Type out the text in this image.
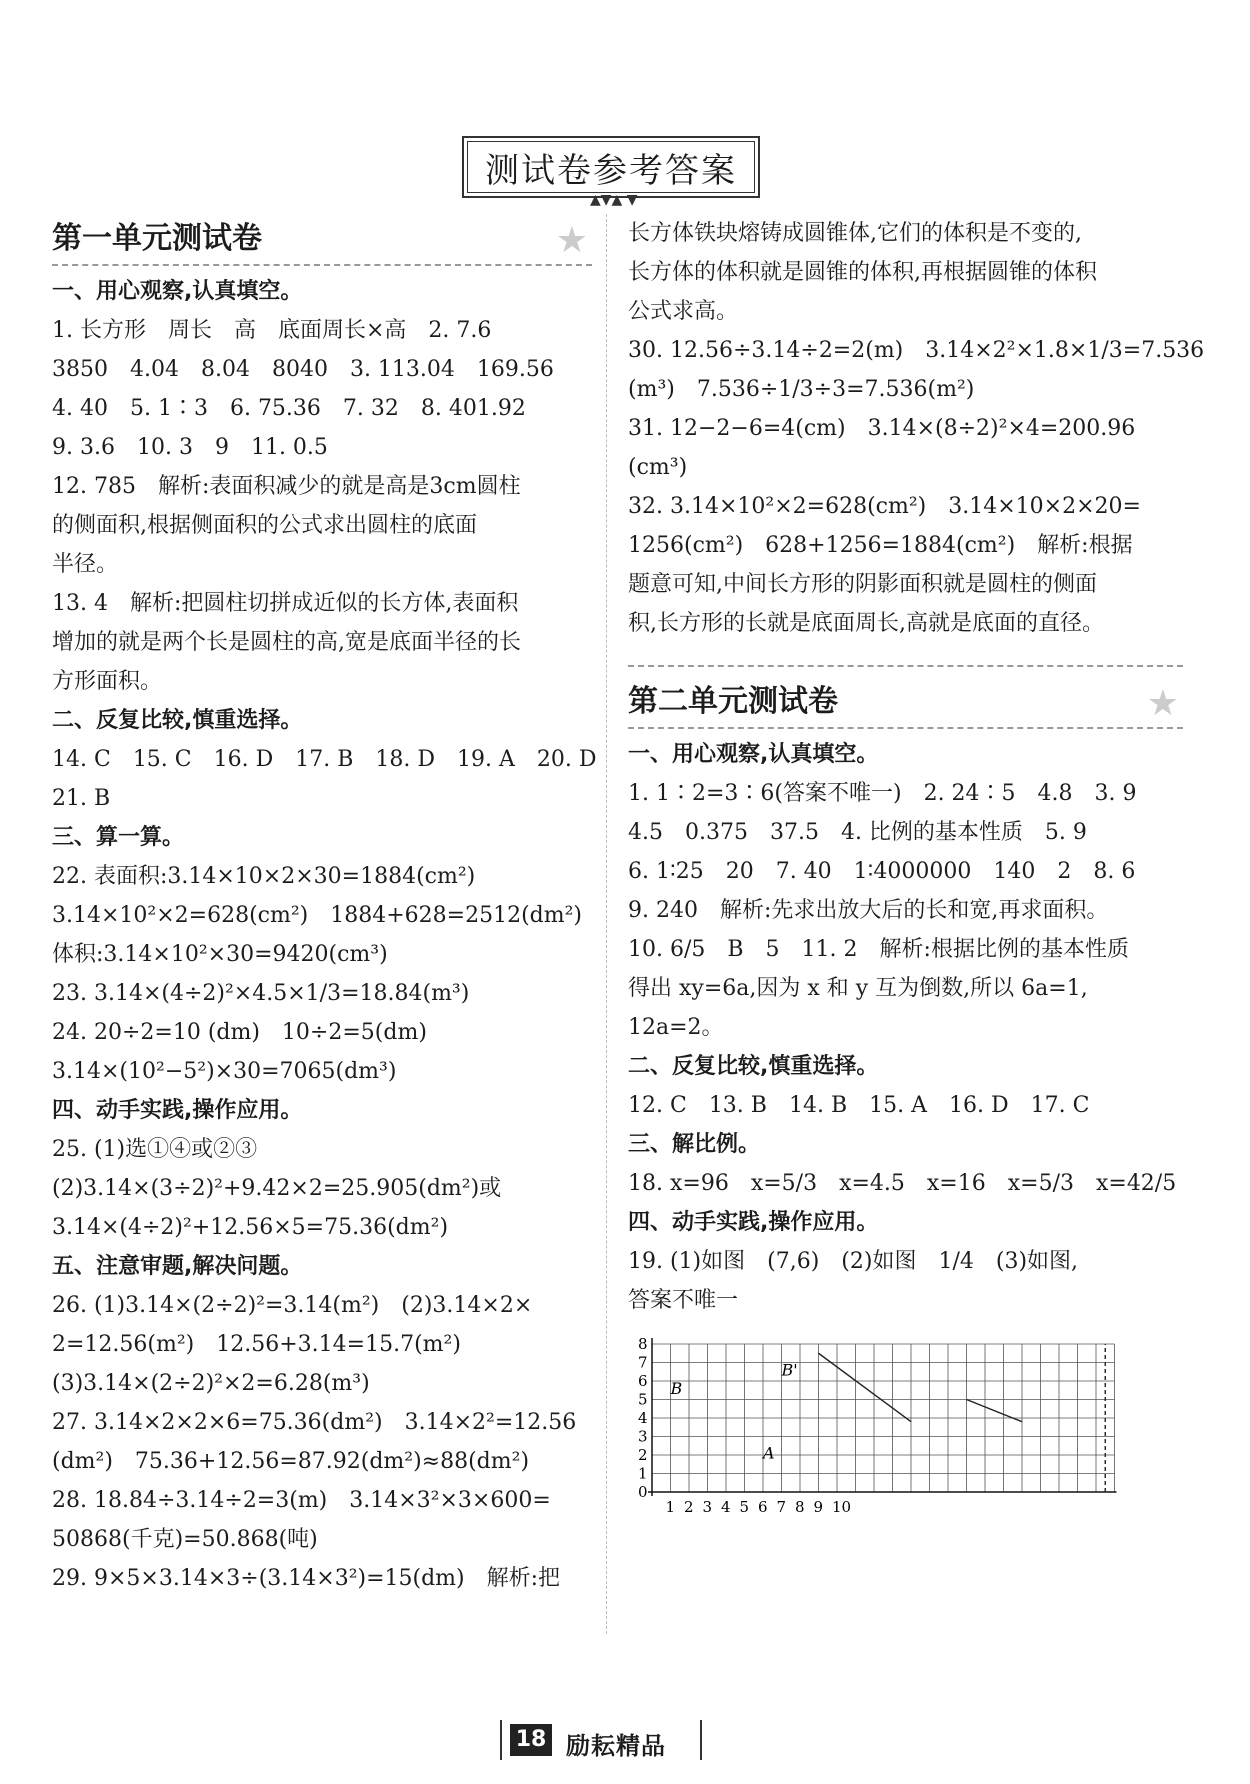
测试卷参考答案
▲▼▲ ▼
第一单元测试卷	★
一、用心观察,认真填空。
1. 长方形　周长　高　底面周长×高　2. 7.6
3850　4.04　8.04　8040　3. 113.04　169.56
4. 40　5. 1∶3　6. 75.36　7. 32　8. 401.92
9. 3.6　10. 3　9　11. 0.5
12. 785　解析:表面积减少的就是高是3cm圆柱
的侧面积,根据侧面积的公式求出圆柱的底面
半径。
13. 4　解析:把圆柱切拼成近似的长方体,表面积
增加的就是两个长是圆柱的高,宽是底面半径的长
方形面积。
二、反复比较,慎重选择。
14. C　15. C　16. D　17. B　18. D　19. A　20. D
21. B
三、算一算。
22. 表面积:3.14×10×2×30=1884(cm²)
3.14×10²×2=628(cm²)　1884+628=2512(dm²)
体积:3.14×10²×30=9420(cm³)
23. 3.14×(4÷2)²×4.5×1/3=18.84(m³)
24. 20÷2=10 (dm)　10÷2=5(dm)
3.14×(10²−5²)×30=7065(dm³)
四、动手实践,操作应用。
25. (1)选①④或②③
(2)3.14×(3÷2)²+9.42×2=25.905(dm²)或
3.14×(4÷2)²+12.56×5=75.36(dm²)
五、注意审题,解决问题。
26. (1)3.14×(2÷2)²=3.14(m²)　(2)3.14×2×
2=12.56(m²)　12.56+3.14=15.7(m²)
(3)3.14×(2÷2)²×2=6.28(m³)
27. 3.14×2×2×6=75.36(dm²)　3.14×2²=12.56
(dm²)　75.36+12.56=87.92(dm²)≈88(dm²)
28. 18.84÷3.14÷2=3(m)　3.14×3²×3×600=
50868(千克)=50.868(吨)
29. 9×5×3.14×3÷(3.14×3²)=15(dm)　解析:把
长方体铁块熔铸成圆锥体,它们的体积是不变的,
长方体的体积就是圆锥的体积,再根据圆锥的体积
公式求高。
30. 12.56÷3.14÷2=2(m)　3.14×2²×1.8×1/3=7.536
(m³)　7.536÷1/3÷3=7.536(m²)
31. 12−2−6=4(cm)　3.14×(8÷2)²×4=200.96
(cm³)
32. 3.14×10²×2=628(cm²)　3.14×10×2×20=
1256(cm²)　628+1256=1884(cm²)　解析:根据
题意可知,中间长方形的阴影面积就是圆柱的侧面
积,长方形的长就是底面周长,高就是底面的直径。
第二单元测试卷	★
一、用心观察,认真填空。
1. 1∶2=3∶6(答案不唯一)　2. 24∶5　4.8　3. 9
4.5　0.375　37.5　4. 比例的基本性质　5. 9
6. 1∶25　20　7. 40　1∶4000000　140　2　8. 6
9. 240　解析:先求出放大后的长和宽,再求面积。
10. 6/5　B　5　11. 2　解析:根据比例的基本性质
得出 xy=6a,因为 x 和 y 互为倒数,所以 6a=1,
12a=2。
二、反复比较,慎重选择。
12. C　13. B　14. B　15. A　16. D　17. C
三、解比例。
18. x=96　x=5/3　x=4.5　x=16　x=5/3　x=42/5
四、动手实践,操作应用。
19. (1)如图　(7,6)　(2)如图　1/4　(3)如图,
答案不唯一
0
1
2
3
4
5
6
7
8
1 2 3 4 5 6 7 8 9 10
B
B'
A
18 励耘精品
